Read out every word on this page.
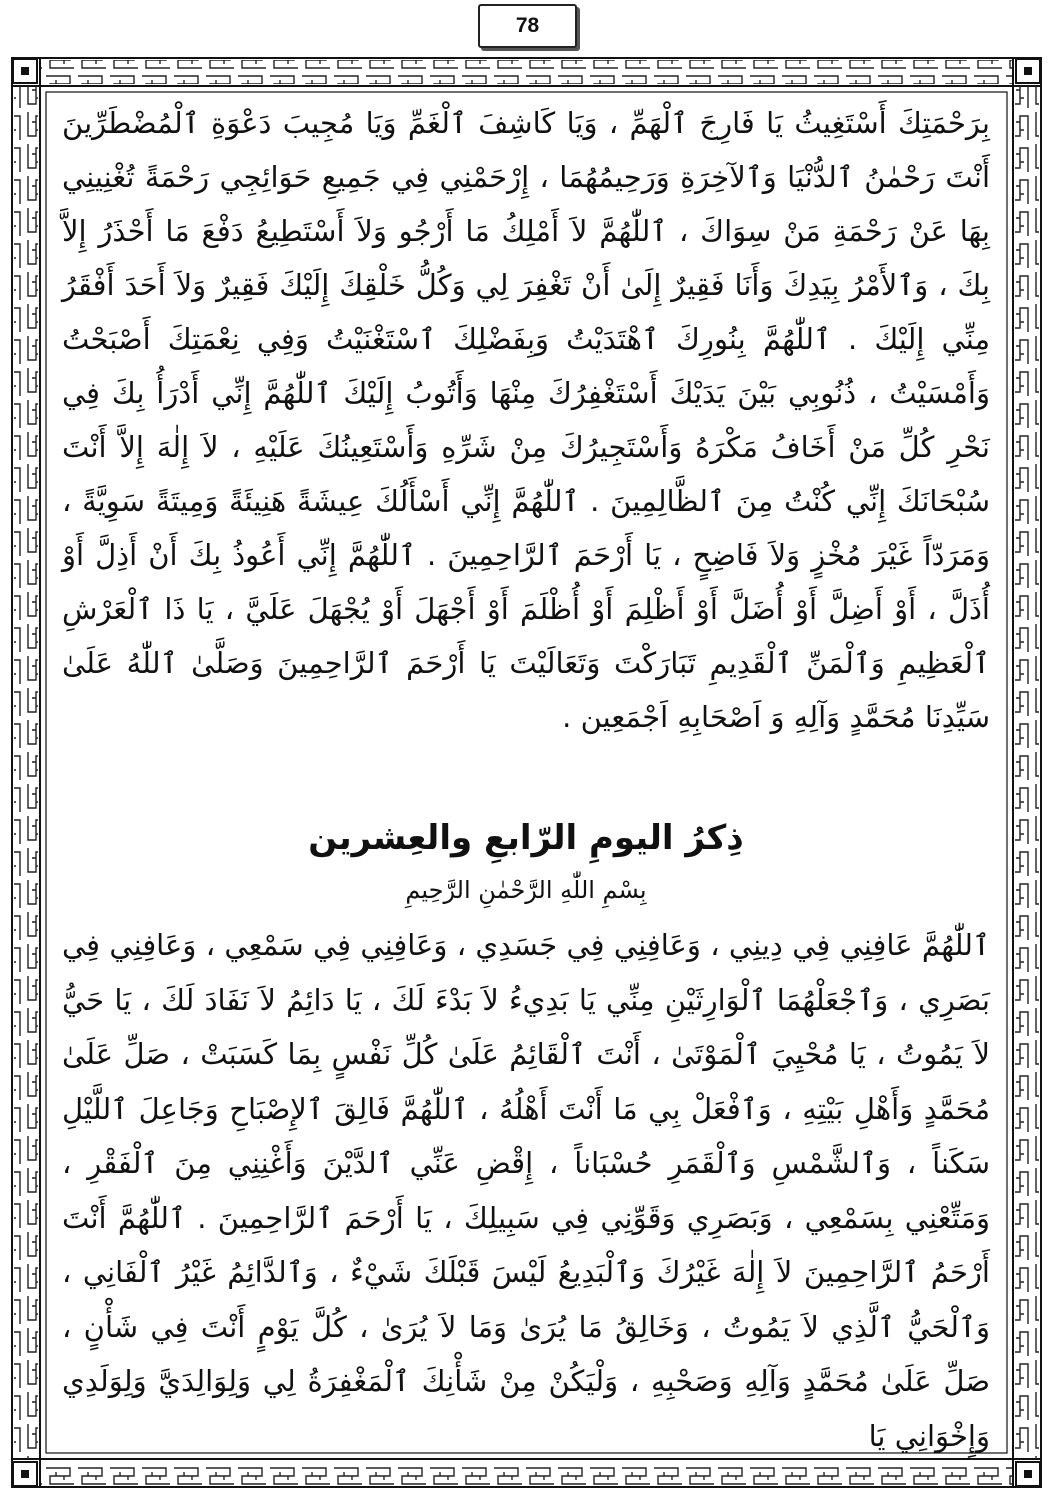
78

بِرَحْمَتِكَ أَسْتَغِيثُ يَا فَارِجَ ٱلْهَمِّ ، وَيَا كَاشِفَ ٱلْغَمِّ وَيَا مُجِيبَ دَعْوَةِ ٱلْمُضْطَرِّينَ أَنْتَ رَحْمٰنُ ٱلدُّنْيَا وَٱلآخِرَةِ وَرَحِيمُهُمَا ، إِرْحَمْنِي فِي جَمِيعِ حَوَائِجِي رَحْمَةً تُغْنِينِي بِهَا عَنْ رَحْمَةِ مَنْ سِوَاكَ ، ٱللّٰهُمَّ لاَ أَمْلِكُ مَا أَرْجُو وَلاَ أَسْتَطِيعُ دَفْعَ مَا أَحْذَرُ إِلاَّ بِكَ ، وَٱلأَمْرُ بِيَدِكَ وَأَنَا فَقِيرٌ إِلَىٰ أَنْ تَغْفِرَ لِي وَكُلُّ خَلْقِكَ إِلَيْكَ فَقِيرٌ وَلاَ أَحَدَ أَفْقَرُ مِنِّي إِلَيْكَ . ٱللّٰهُمَّ بِنُورِكَ ٱهْتَدَيْتُ وَبِفَضْلِكَ ٱسْتَغْنَيْتُ وَفِي نِعْمَتِكَ أَصْبَحْتُ وَأَمْسَيْتُ ، ذُنُوبِي بَيْنَ يَدَيْكَ أَسْتَغْفِرُكَ مِنْهَا وَأَتُوبُ إِلَيْكَ ٱللّٰهُمَّ إِنِّي أَدْرَأُ بِكَ فِي نَحْرِ كُلِّ مَنْ أَخَافُ مَكْرَهُ وَأَسْتَجِيرُكَ مِنْ شَرِّهِ وَأَسْتَعِينُكَ عَلَيْهِ ، لاَ إِلٰهَ إِلاَّ أَنْتَ سُبْحَانَكَ إِنِّي كُنْتُ مِنَ ٱلظَّالِمِينَ . ٱللّٰهُمَّ إِنِّي أَسْأَلُكَ عِيشَةً هَنِيئَةً وَمِيتَةً سَوِيَّةً ، وَمَرَدّاً غَيْرَ مُخْزٍ وَلاَ فَاضِحٍ ، يَا أَرْحَمَ ٱلرَّاحِمِينَ . ٱللّٰهُمَّ إِنِّي أَعُوذُ بِكَ أَنْ أَذِلَّ أَوْ أُذَلَّ ، أَوْ أَضِلَّ أَوْ أُضَلَّ أَوْ أَظْلِمَ أَوْ أُظْلَمَ أَوْ أَجْهَلَ أَوْ يُجْهَلَ عَلَيَّ ، يَا ذَا ٱلْعَرْشِ ٱلْعَظِيمِ وَٱلْمَنِّ ٱلْقَدِيمِ تَبَارَكْتَ وَتَعَالَيْتَ يَا أَرْحَمَ ٱلرَّاحِمِينَ وَصَلَّىٰ ٱللّٰهُ عَلَىٰ سَيِّدِنَا مُحَمَّدٍ وَآلِهِ وَ اَصْحَابِهِ اَجْمَعِين .

ذِكرُ اليومِ الرّابعِ والعِشرين
بِسْمِ اللّٰهِ الرَّحْمٰنِ الرَّحِيمِ

ٱللّٰهُمَّ عَافِنِي فِي دِينِي ، وَعَافِنِي فِي جَسَدِي ، وَعَافِنِي فِي سَمْعِي ، وَعَافِنِي فِي بَصَرِي ، وَٱجْعَلْهُمَا ٱلْوَارِثَيْنِ مِنِّي يَا بَدِيءُ لاَ بَدْءَ لَكَ ، يَا دَائِمُ لاَ نَفَادَ لَكَ ، يَا حَيُّ لاَ يَمُوتُ ، يَا مُحْيِيَ ٱلْمَوْتَىٰ ، أَنْتَ ٱلْقَائِمُ عَلَىٰ كُلِّ نَفْسٍ بِمَا كَسَبَتْ ، صَلِّ عَلَىٰ مُحَمَّدٍ وَأَهْلِ بَيْتِهِ ، وَٱفْعَلْ بِي مَا أَنْتَ أَهْلُهُ ، ٱللّٰهُمَّ فَالِقَ ٱلإِصْبَاحِ وَجَاعِلَ ٱللَّيْلِ سَكَناً ، وَٱلشَّمْسِ وَٱلْقَمَرِ حُسْبَاناً ، إِقْضِ عَنِّي ٱلدَّيْنَ وَأَغْنِنِي مِنَ ٱلْفَقْرِ ، وَمَتِّعْنِي بِسَمْعِي ، وَبَصَرِي وَقَوِّنِي فِي سَبِيلِكَ ، يَا أَرْحَمَ ٱلرَّاحِمِينَ . ٱللّٰهُمَّ أَنْتَ أَرْحَمُ ٱلرَّاحِمِينَ لاَ إِلٰهَ غَيْرُكَ وَٱلْبَدِيعُ لَيْسَ قَبْلَكَ شَيْءٌ ، وَٱلدَّائِمُ غَيْرُ ٱلْفَانِي ، وَٱلْحَيُّ ٱلَّذِي لاَ يَمُوتُ ، وَخَالِقُ مَا يُرَىٰ وَمَا لاَ يُرَىٰ ، كُلَّ يَوْمٍ أَنْتَ فِي شَأْنٍ ، صَلِّ عَلَىٰ مُحَمَّدٍ وَآلِهِ وَصَحْبِهِ ، وَلْيَكُنْ مِنْ شَأْنِكَ ٱلْمَغْفِرَةُ لِي وَلِوَالِدَيَّ وَلِوَلَدِي وَإِخْوَانِي يَا
